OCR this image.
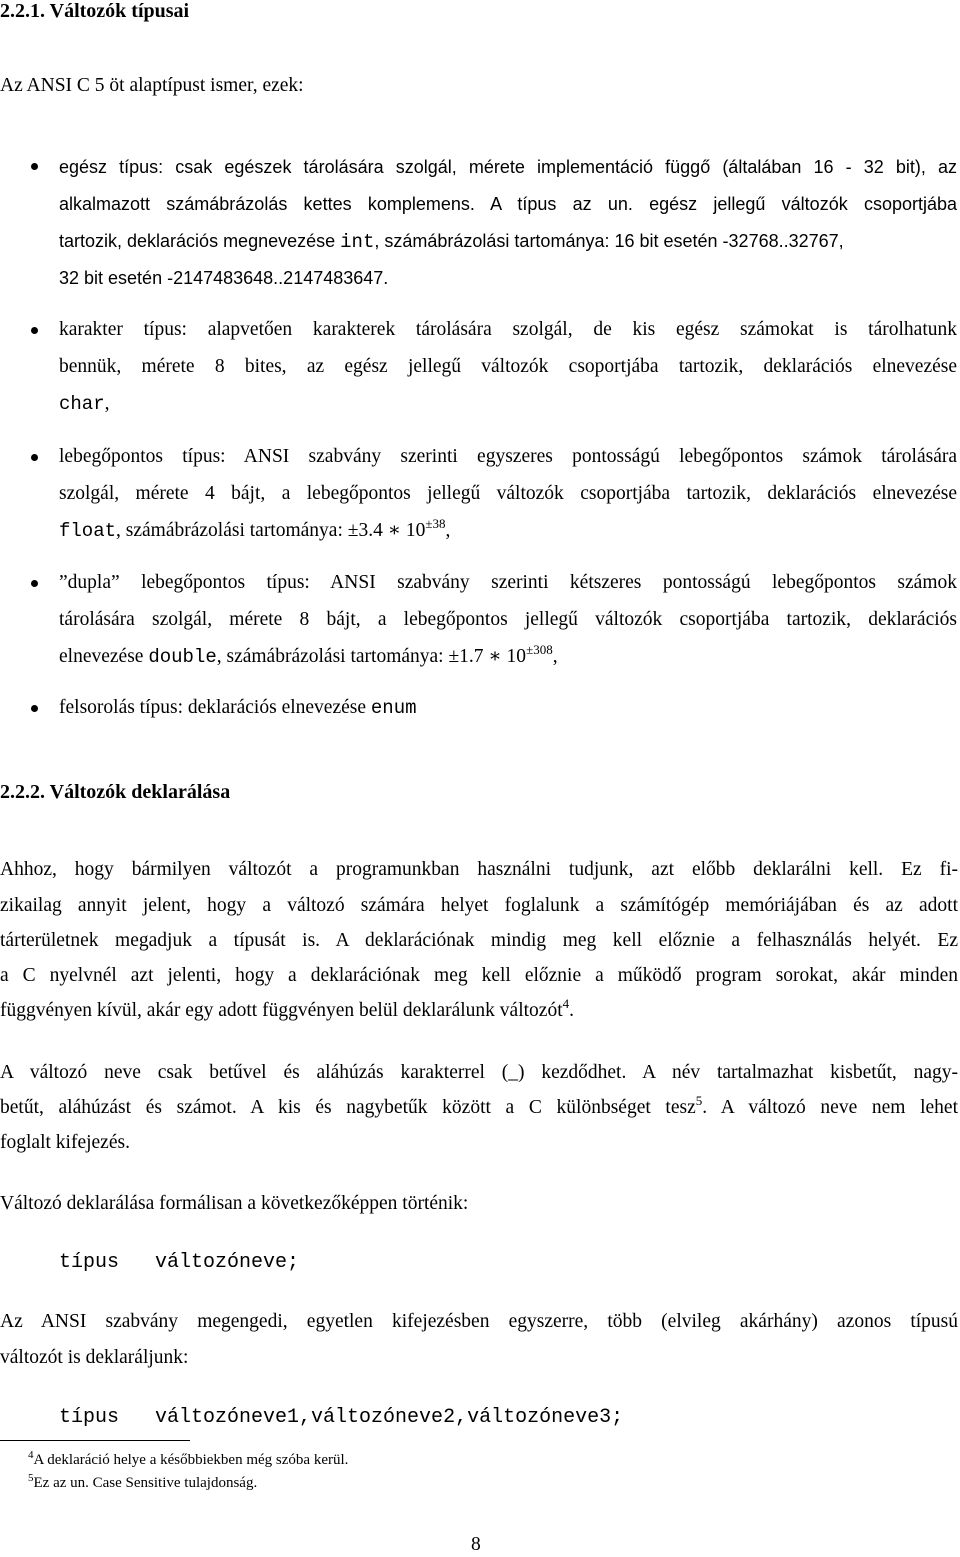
2.2.1. Változók típusai
Az ANSI C 5 öt alaptípust ismer, ezek:
egész típus: csak egészek tárolására szolgál, mérete implementáció függő (általában 16 - 32 bit), az
alkalmazott számábrázolás kettes komplemens. A típus az un. egész jellegű változók csoportjába
tartozik, deklarációs megnevezése int, számábrázolási tartománya: 16 bit esetén -32768..32767,
32 bit esetén -2147483648..2147483647.
karakter típus: alapvetően karakterek tárolására szolgál, de kis egész számokat is tárolhatunk
bennük, mérete 8 bites, az egész jellegű változók csoportjába tartozik, deklarációs elnevezése
char,
lebegőpontos típus: ANSI szabvány szerinti egyszeres pontosságú lebegőpontos számok tárolására
szolgál, mérete 4 bájt, a lebegőpontos jellegű változók csoportjába tartozik, deklarációs elnevezése
float, számábrázolási tartománya: ±3.4 ∗ $10^{\pm 38}$,
”dupla” lebegőpontos típus: ANSI szabvány szerinti kétszeres pontosságú lebegőpontos számok
tárolására szolgál, mérete 8 bájt, a lebegőpontos jellegű változók csoportjába tartozik, deklarációs
elnevezése double, számábrázolási tartománya: ±1.7 ∗ $10^{\pm 308}$,
felsorolás típus: deklarációs elnevezése enum
2.2.2. Változók deklarálása
Ahhoz, hogy bármilyen változót a programunkban használni tudjunk, azt előbb deklarálni kell. Ez fi-
zikailag annyit jelent, hogy a változó számára helyet foglalunk a számítógép memóriájában és az adott
tárterületnek megadjuk a típusát is. A deklarációnak mindig meg kell előznie a felhasználás helyét. Ez
a C nyelvnél azt jelenti, hogy a deklarációnak meg kell előznie a működő program sorokat, akár minden
függvényen kívül, akár egy adott függvényen belül deklarálunk változót$^4$.
A változó neve csak betűvel és aláhúzás karakterrel (_) kezdődhet. A név tartalmazhat kisbetűt, nagy-
betűt, aláhúzást és számot. A kis és nagybetűk között a C különbséget tesz$^5$. A változó neve nem lehet
foglalt kifejezés.
Változó deklarálása formálisan a következőképpen történik:
típus   változóneve;
Az ANSI szabvány megengedi, egyetlen kifejezésben egyszerre, több (elvileg akárhány) azonos típusú
változót is deklaráljunk:
típus   változóneve1,változóneve2,változóneve3;
$^4$A deklaráció helye a későbbiekben még szóba kerül.
$^5$Ez az un. Case Sensitive tulajdonság.
8
